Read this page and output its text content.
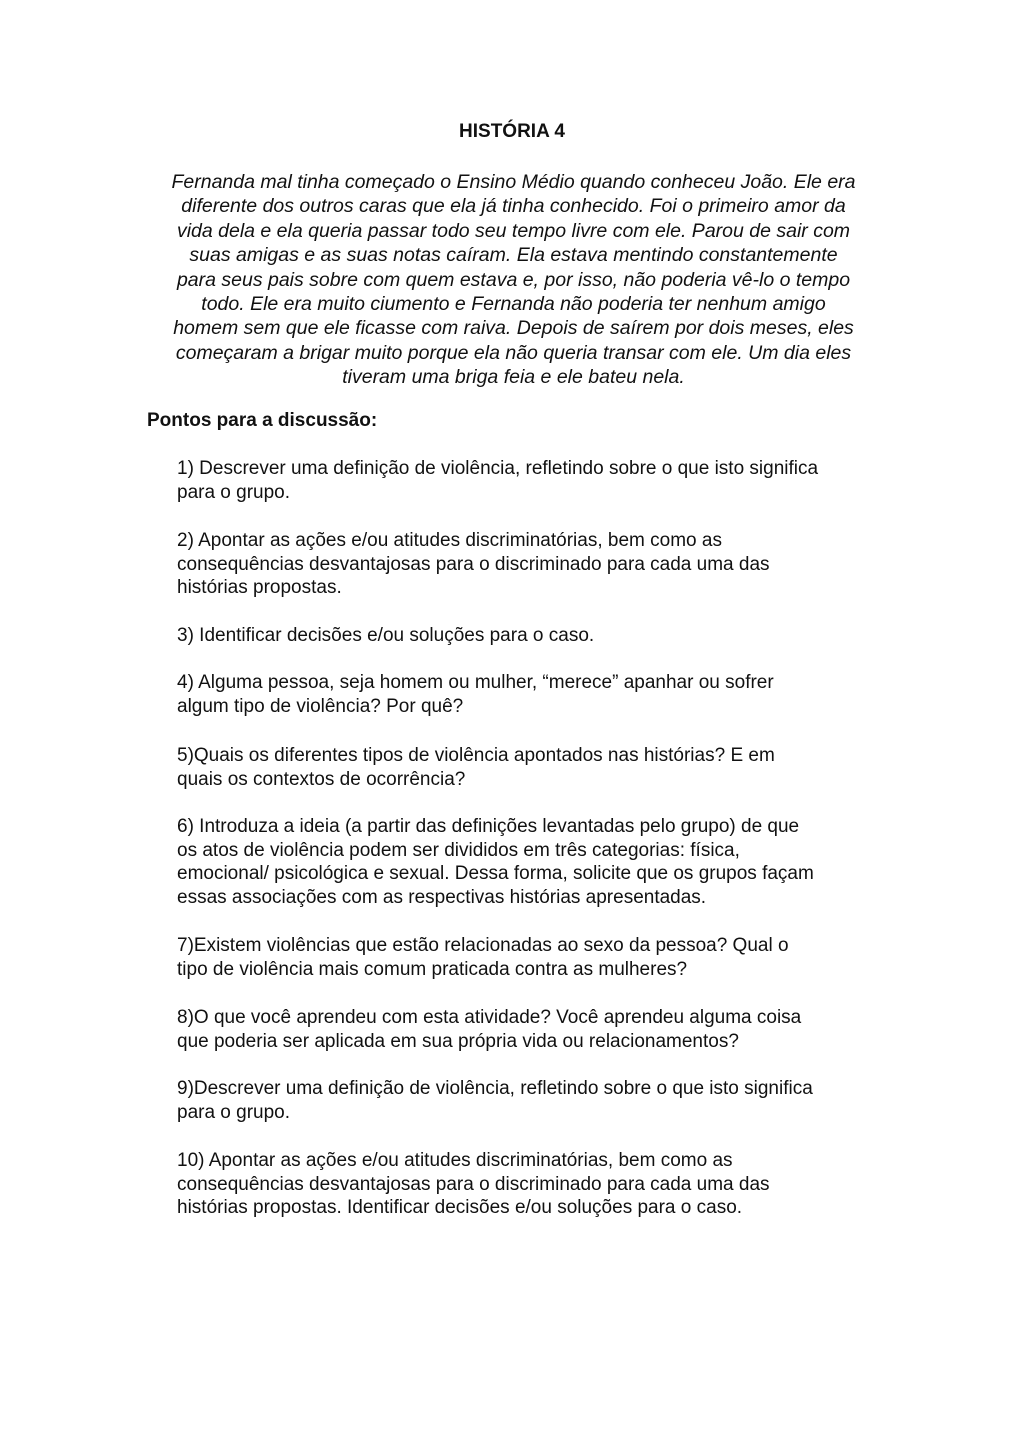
HISTÓRIA 4

Fernanda mal tinha começado o Ensino Médio quando conheceu João. Ele era
diferente dos outros caras que ela já tinha conhecido. Foi o primeiro amor da
vida dela e ela queria passar todo seu tempo livre com ele. Parou de sair com
suas amigas e as suas notas caíram. Ela estava mentindo constantemente
para seus pais sobre com quem estava e, por isso, não poderia vê-lo o tempo
todo. Ele era muito ciumento e Fernanda não poderia ter nenhum amigo
homem sem que ele ficasse com raiva. Depois de saírem por dois meses, eles
começaram a brigar muito porque ela não queria transar com ele. Um dia eles
tiveram uma briga feia e ele bateu nela.

Pontos para a discussão:
1) Descrever uma definição de violência, refletindo sobre o que isto significa
para o grupo.
2) Apontar as ações e/ou atitudes discriminatórias, bem como as
consequências desvantajosas para o discriminado para cada uma das
histórias propostas.
3) Identificar decisões e/ou soluções para o caso.
4) Alguma pessoa, seja homem ou mulher, “merece” apanhar ou sofrer
algum tipo de violência? Por quê?
5)Quais os diferentes tipos de violência apontados nas histórias? E em
quais os contextos de ocorrência?
6) Introduza a ideia (a partir das definições levantadas pelo grupo) de que
os atos de violência podem ser divididos em três categorias: física,
emocional/ psicológica e sexual. Dessa forma, solicite que os grupos façam
essas associações com as respectivas histórias apresentadas.
7)Existem violências que estão relacionadas ao sexo da pessoa? Qual o
tipo de violência mais comum praticada contra as mulheres?
8)O que você aprendeu com esta atividade? Você aprendeu alguma coisa
que poderia ser aplicada em sua própria vida ou relacionamentos?
9)Descrever uma definição de violência, refletindo sobre o que isto significa
para o grupo.
10) Apontar as ações e/ou atitudes discriminatórias, bem como as
consequências desvantajosas para o discriminado para cada uma das
histórias propostas. Identificar decisões e/ou soluções para o caso.
